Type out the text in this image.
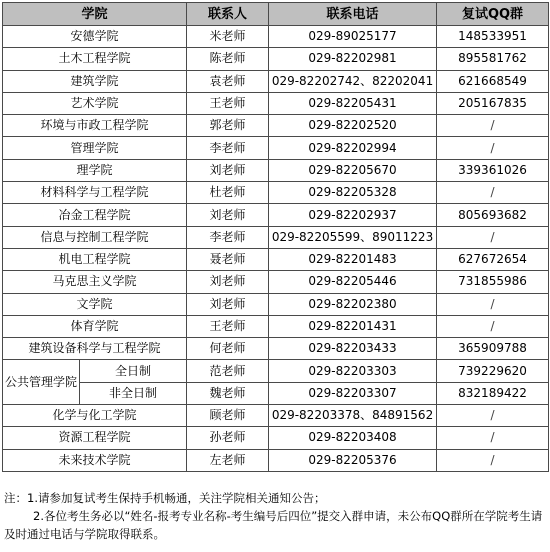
学院		联系人	联系电话	复试QQ群
安德学院		米老师	029-89025177	148533951
土木工程学院		陈老师	029-82202981	895581762
建筑学院		袁老师	029-82202742、82202041	621668549
艺术学院		王老师	029-82205431	205167835
环境与市政工程学院		郭老师	029-82202520	/
管理学院		李老师	029-82202994	/
理学院		刘老师	029-82205670	339361026
材料科学与工程学院		杜老师	029-82205328	/
冶金工程学院		刘老师	029-82202937	805693682
信息与控制工程学院		李老师	029-82205599、89011223	/
机电工程学院		聂老师	029-82201483	627672654
马克思主义学院		刘老师	029-82205446	731855986
文学院		刘老师	029-82202380	/
体育学院		王老师	029-82201431	/
建筑设备科学与工程学院		何老师	029-82203433	365909788
公共管理学院	全日制	范老师	029-82203303	739229620
	非全日制	魏老师	029-82203307	832189422
化学与化工学院		顾老师	029-82203378、84891562	/
资源工程学院		孙老师	029-82203408	/
未来技术学院		左老师	029-82205376	/

注：1.请参加复试考生保持手机畅通，关注学院相关通知公告；

2.各位考生务必以“姓名-报考专业名称-考生编号后四位”提交入群申请，未公布QQ群所在学院考生请及时通过电话与学院取得联系。
